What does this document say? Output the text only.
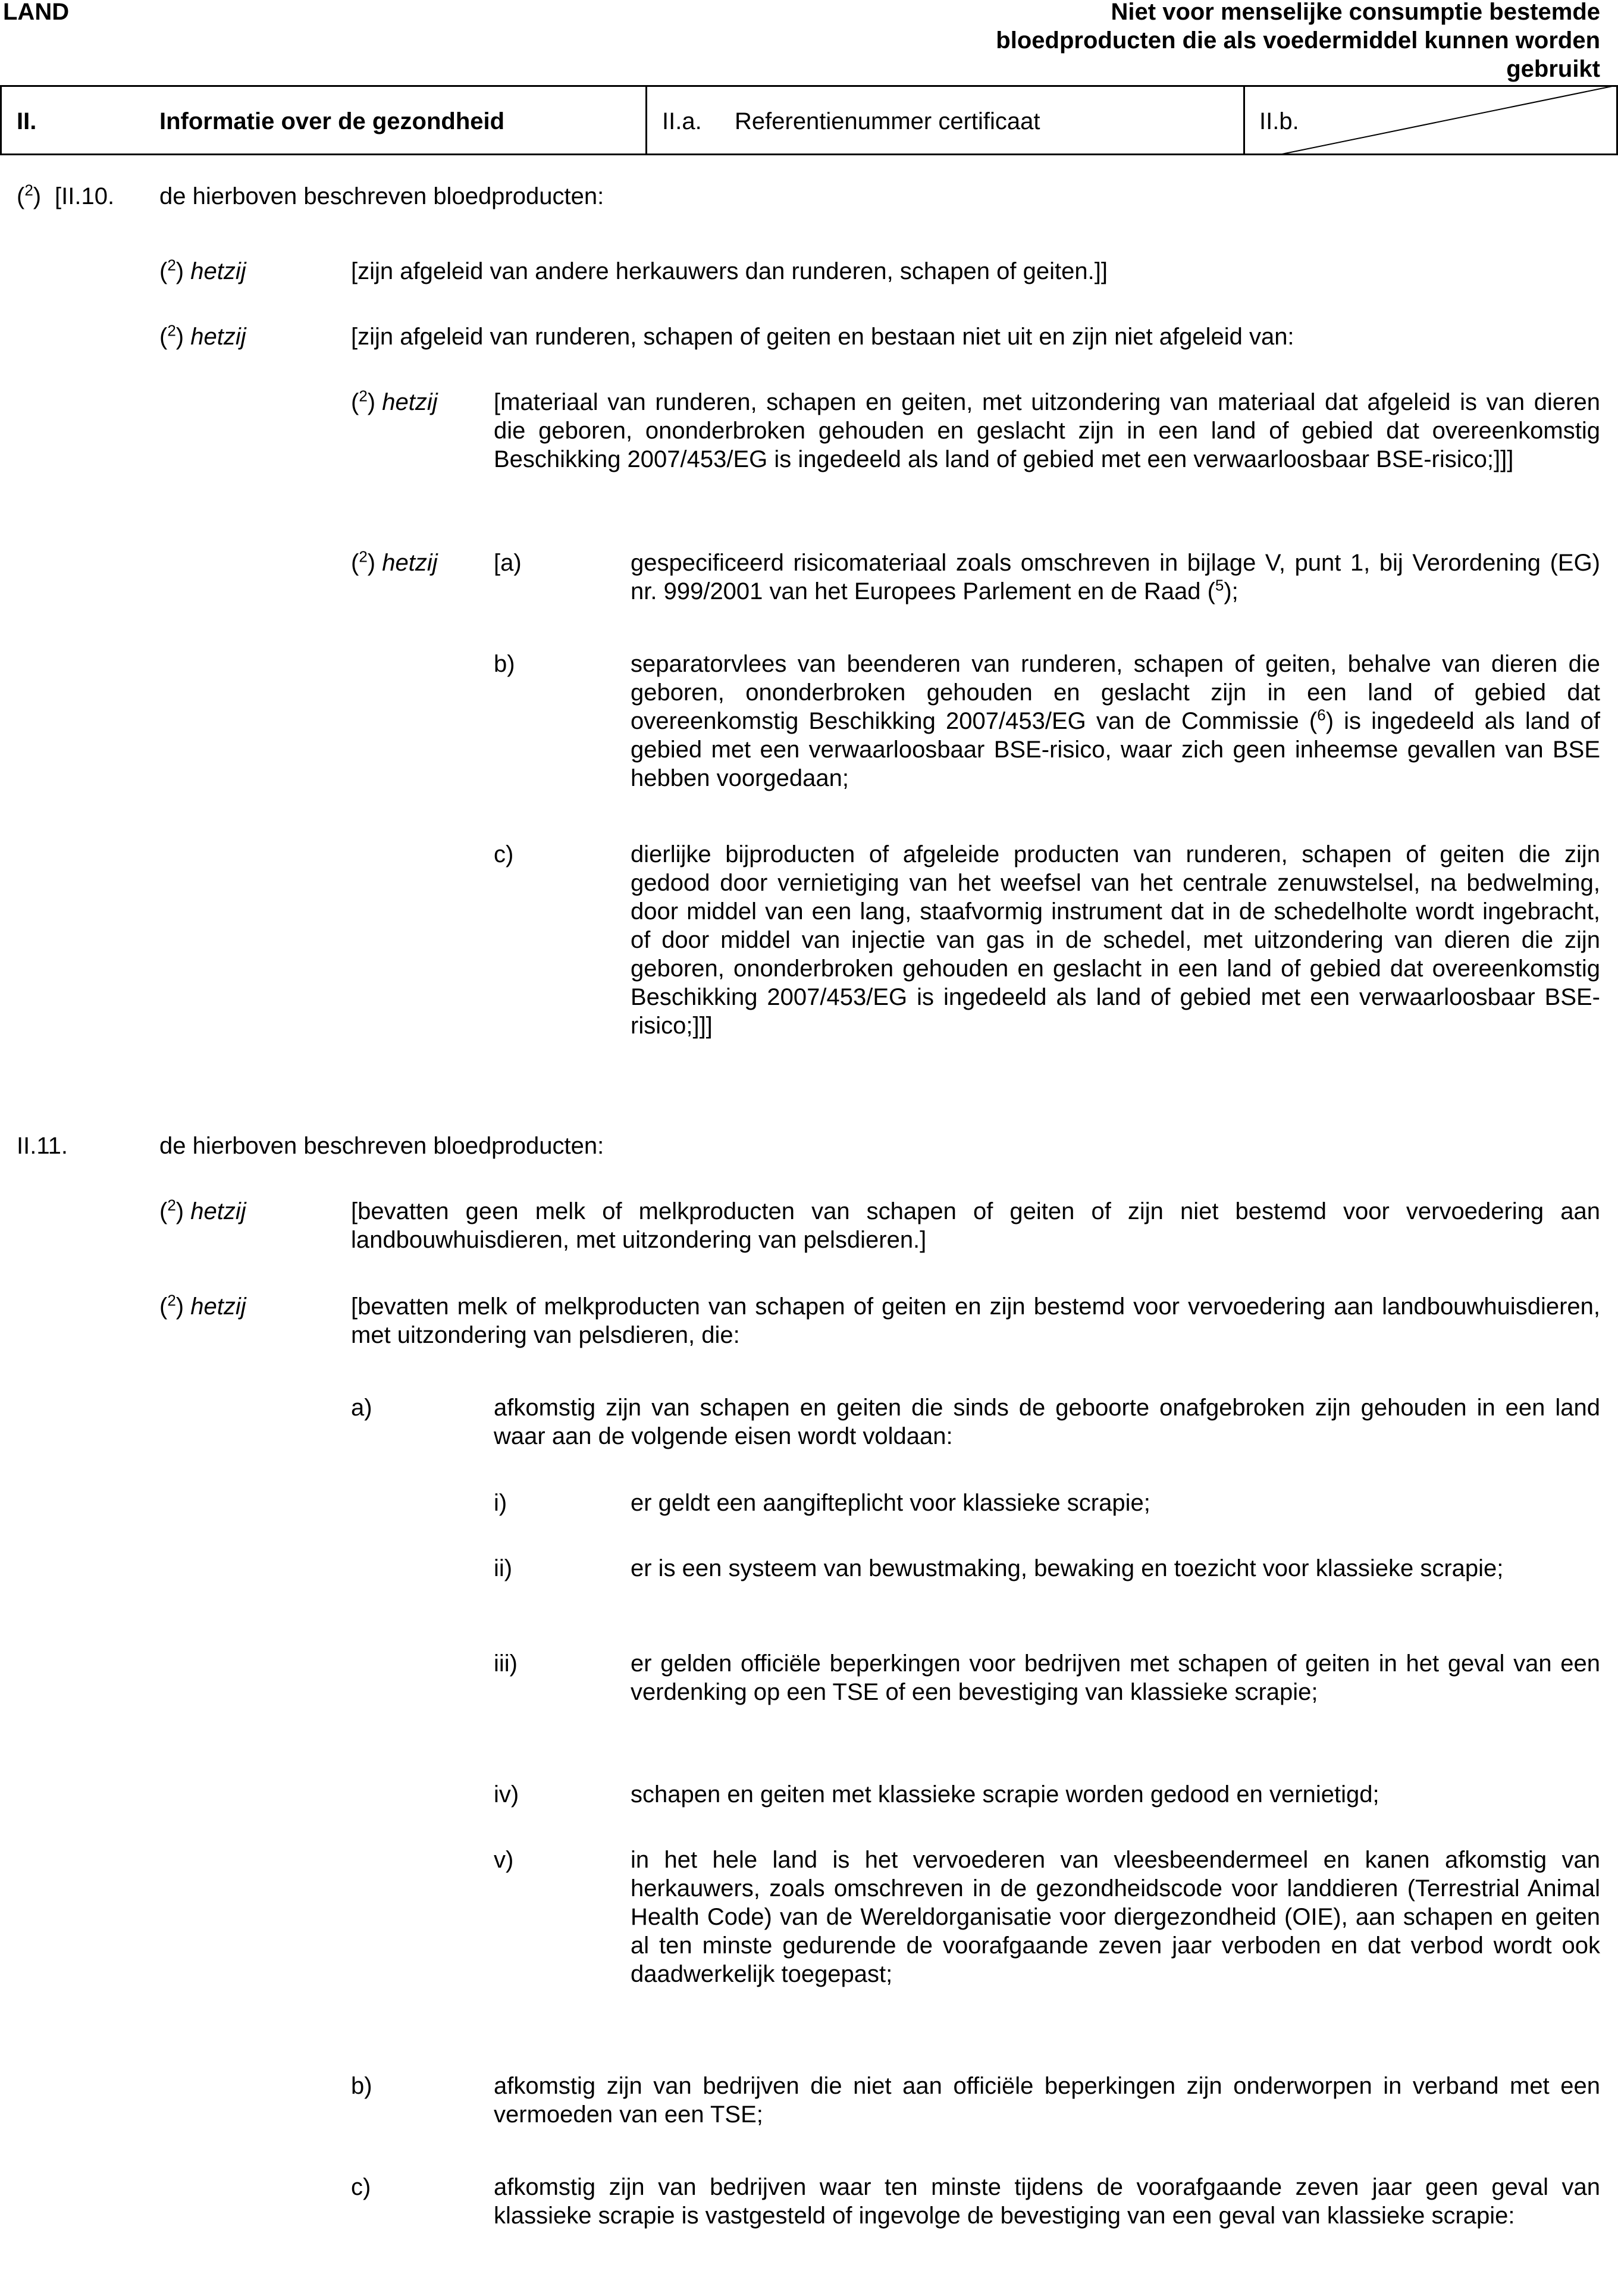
LAND	Niet voor menselijke consumptie bestemde
bloedproducten die als voedermiddel kunnen worden
gebruikt
II.	Informatie over de gezondheid	II.a. Referentienummer certificaat	II.b.
($^2$) [II.10. de hierboven beschreven bloedproducten:
($^2$) hetzij	[zijn afgeleid van andere herkauwers dan runderen, schapen of geiten.]]
($^2$) hetzij	[zijn afgeleid van runderen, schapen of geiten en bestaan niet uit en zijn niet afgeleid van:
($^2$) hetzij [materiaal van runderen, schapen en geiten, met uitzondering van materiaal dat afgeleid is van dieren die geboren, ononderbroken gehouden en geslacht zijn in een land of gebied dat overeenkomstig Beschikking 2007/453/EG is ingedeeld als land of gebied met een verwaarloosbaar BSE-risico;]]]
($^2$) hetzij [a)	gespecificeerd risicomateriaal zoals omschreven in bijlage V, punt 1, bij Verordening (EG) nr. 999/2001 van het Europees Parlement en de Raad ($^5$);
b)	separatorvlees van beenderen van runderen, schapen of geiten, behalve van dieren die geboren, ononderbroken gehouden en geslacht zijn in een land of gebied dat overeenkomstig Beschikking 2007/453/EG van de Commissie ($^6$) is ingedeeld als land of gebied met een verwaarloosbaar BSE-risico, waar zich geen inheemse gevallen van BSE hebben voorgedaan;
c)	dierlijke bijproducten of afgeleide producten van runderen, schapen of geiten die zijn gedood door vernietiging van het weefsel van het centrale zenuwstelsel, na bedwelming, door middel van een lang, staafvormig instrument dat in de schedelholte wordt ingebracht, of door middel van injectie van gas in de schedel, met uitzondering van dieren die zijn geboren, ononderbroken gehouden en geslacht in een land of gebied dat overeenkomstig Beschikking 2007/453/EG is ingedeeld als land of gebied met een verwaarloosbaar BSE-risico;]]]
II.11.	de hierboven beschreven bloedproducten:
($^2$) hetzij	[bevatten geen melk of melkproducten van schapen of geiten of zijn niet bestemd voor vervoedering aan landbouwhuisdieren, met uitzondering van pelsdieren.]
($^2$) hetzij	[bevatten melk of melkproducten van schapen of geiten en zijn bestemd voor vervoedering aan landbouwhuisdieren, met uitzondering van pelsdieren, die:
a)	afkomstig zijn van schapen en geiten die sinds de geboorte onafgebroken zijn gehouden in een land waar aan de volgende eisen wordt voldaan:
i)	er geldt een aangifteplicht voor klassieke scrapie;
ii)	er is een systeem van bewustmaking, bewaking en toezicht voor klassieke scrapie;
iii)	er gelden officiële beperkingen voor bedrijven met schapen of geiten in het geval van een verdenking op een TSE of een bevestiging van klassieke scrapie;
iv)	schapen en geiten met klassieke scrapie worden gedood en vernietigd;
v)	in het hele land is het vervoederen van vleesbeendermeel en kanen afkomstig van herkauwers, zoals omschreven in de gezondheidscode voor landdieren (Terrestrial Animal Health Code) van de Wereldorganisatie voor diergezondheid (OIE), aan schapen en geiten al ten minste gedurende de voorafgaande zeven jaar verboden en dat verbod wordt ook daadwerkelijk toegepast;
b)	afkomstig zijn van bedrijven die niet aan officiële beperkingen zijn onderworpen in verband met een vermoeden van een TSE;
c)	afkomstig zijn van bedrijven waar ten minste tijdens de voorafgaande zeven jaar geen geval van klassieke scrapie is vastgesteld of ingevolge de bevestiging van een geval van klassieke scrapie:
